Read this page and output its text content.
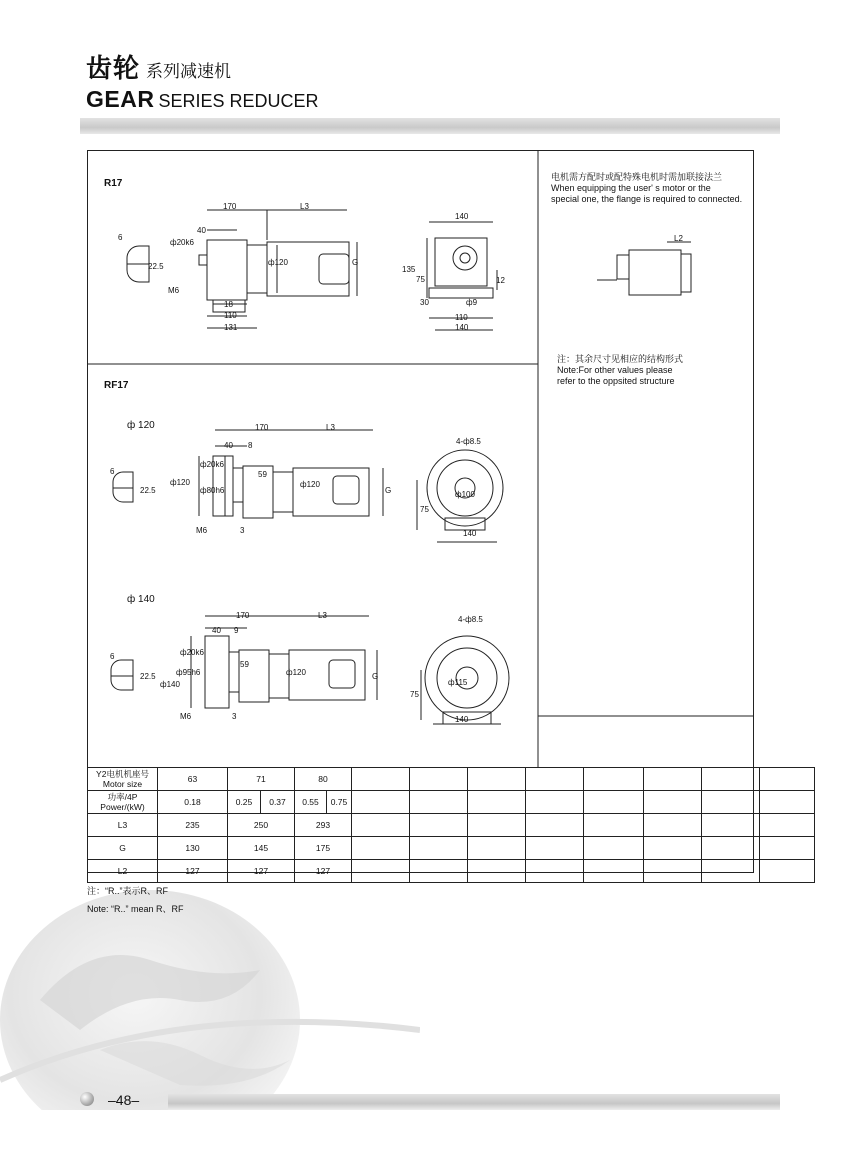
齿轮 系列减速机
GEAR SERIES REDUCER
R17
RF17
ф 120
ф 140
170	L3
40
6
ф20k6
22.5
M6
18
110
131
ф120	G
140
135
75
30	ф9
12
110
140
L2
170	L3
40 8
6
ф20k6
22.5
ф120
ф80h6
59
ф120
G
M6	3
4-ф8.5
ф100
75
140
170	L3
40 9
6	ф20k6
22.5
ф140
ф95h6
59
ф120	G
M6	3
4-ф8.5
ф115
75
140
电机需方配时或配特殊电机时需加联接法兰
When equipping the user' s motor or the
special one, the flange is required to connected.
注：其余尺寸见相应的结构形式
Note:For other values please
refer to the oppsited structure
Y2电机机座号
Motor size	63	71		80									

功率/4P
Power/(kW)	0.18	0.25	0.37	0.55	0.75								
L3	235	250		293									
G	130	145		175									
L2	127	127		127									
注：“R..”表示R、RF
Note: “R..” mean R、RF
–48–
